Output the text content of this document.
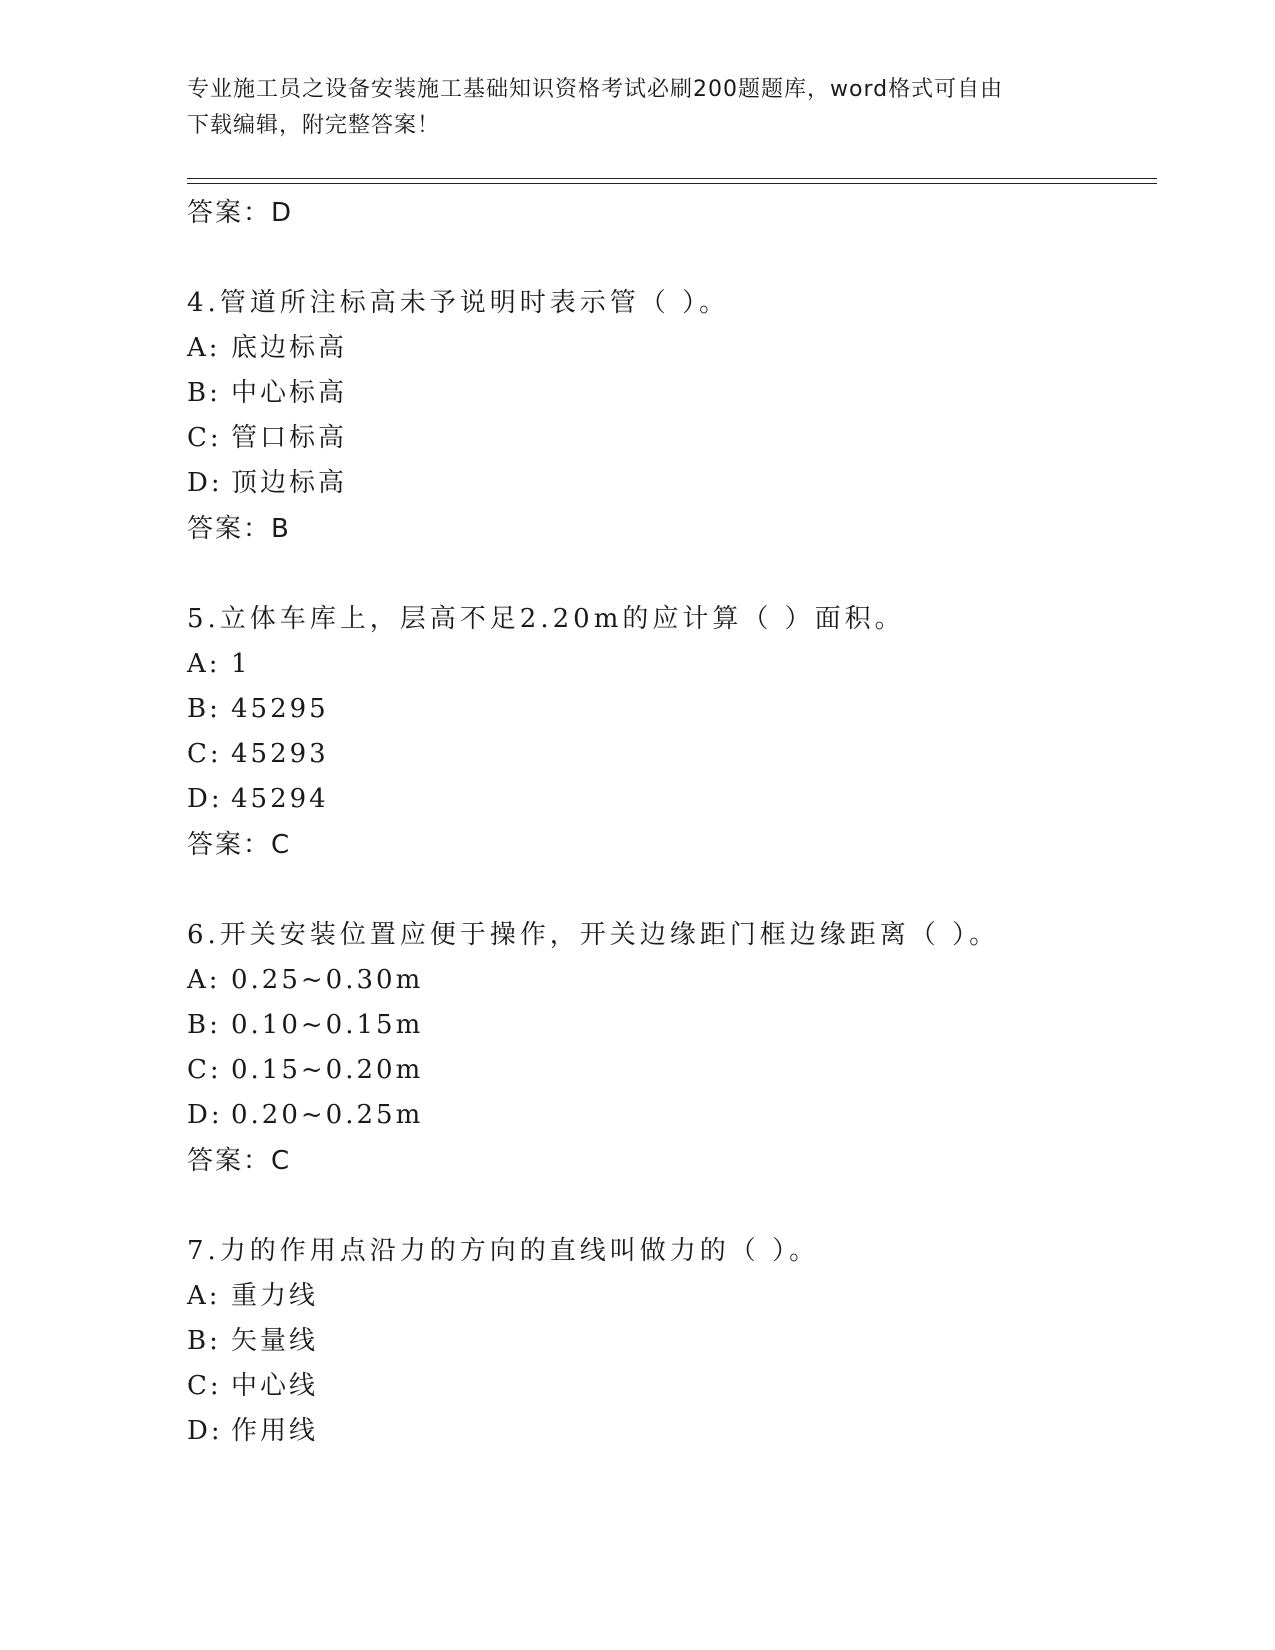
专业施工员之设备安装施工基础知识资格考试必刷200题题库，word格式可自由
下载编辑，附完整答案！
答案：D
4.管道所注标高未予说明时表示管（ ）。
A: 底边标高
B: 中心标高
C: 管口标高
D: 顶边标高
答案：B
5.立体车库上，层高不足2.20m的应计算（ ）面积。
A: 1
B: 45295
C: 45293
D: 45294
答案：C
6.开关安装位置应便于操作，开关边缘距门框边缘距离（ ）。
A: 0.25~0.30m
B: 0.10~0.15m
C: 0.15~0.20m
D: 0.20~0.25m
答案：C
7.力的作用点沿力的方向的直线叫做力的（ ）。
A: 重力线
B: 矢量线
C: 中心线
D: 作用线
